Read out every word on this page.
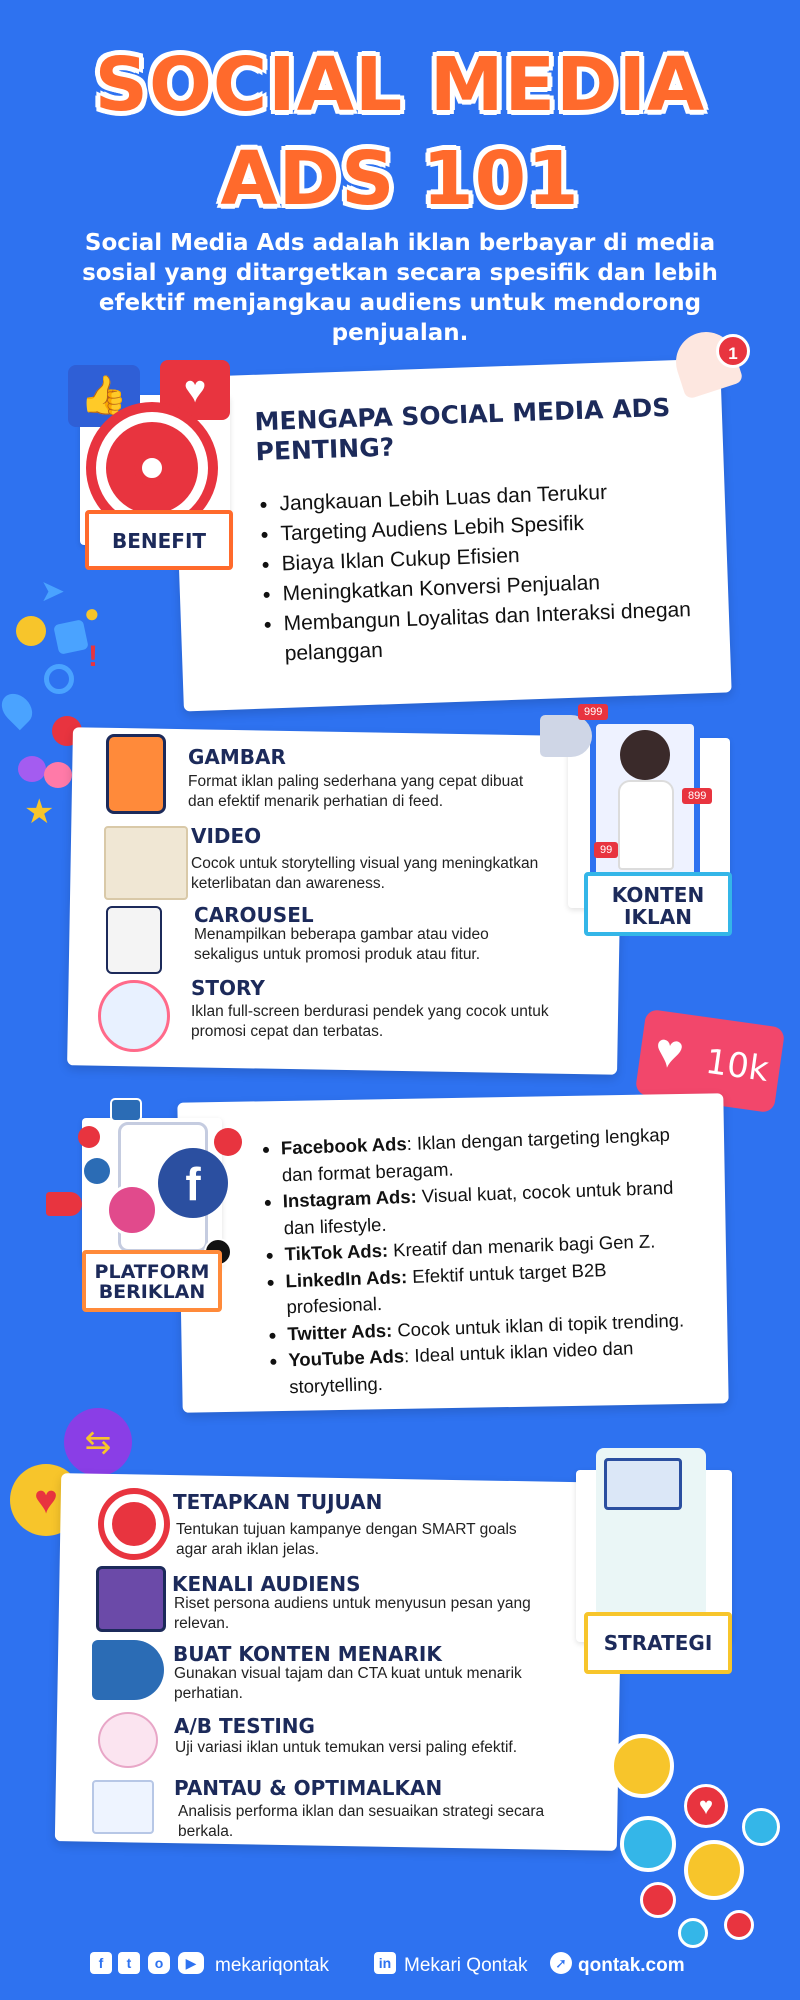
SOCIAL MEDIA
ADS 101
Social Media Ads adalah iklan berbayar di media sosial yang ditargetkan secara spesifik dan lebih efektif menjangkau audiens untuk mendorong penjualan.
👍	♥
BENEFIT
1
MENGAPA SOCIAL MEDIA ADS PENTING?
• Jangkauan Lebih Luas dan Terukur
• Targeting Audiens Lebih Spesifik
• Biaya Iklan Cukup Efisien
• Meningkatkan Konversi Penjualan
• Membangun Loyalitas dan Interaksi dnegan pelanggan
➤
●
!
★
999
899
99
KONTEN
IKLAN
GAMBAR
Format iklan paling sederhana yang cepat dibuat dan efektif menarik perhatian di feed.
VIDEO
Cocok untuk storytelling visual yang meningkatkan keterlibatan dan awareness.
CAROUSEL
Menampilkan beberapa gambar atau video sekaligus untuk promosi produk atau fitur.
STORY
Iklan full-screen berdurasi pendek yang cocok untuk promosi cepat dan terbatas.	♥ 10k
f
PLATFORM
BERIKLAN
• Facebook Ads: Iklan dengan targeting lengkap dan format beragam.
• Instagram Ads: Visual kuat, cocok untuk brand dan lifestyle.
• TikTok Ads: Kreatif dan menarik bagi Gen Z.
• LinkedIn Ads: Efektif untuk target B2B profesional.
• Twitter Ads: Cocok untuk iklan di topik trending.
• YouTube Ads: Ideal untuk iklan video dan storytelling.
⇆
♥
STRATEGI
TETAPKAN TUJUAN
Tentukan tujuan kampanye dengan SMART goals agar arah iklan jelas.
KENALI AUDIENS
Riset persona audiens untuk menyusun pesan yang relevan.
BUAT KONTEN MENARIK
Gunakan visual tajam dan CTA kuat untuk menarik perhatian.
A/B TESTING
Uji variasi iklan untuk temukan versi paling efektif.
PANTAU & OPTIMALKAN
Analisis performa iklan dan sesuaikan strategi secara berkala.
♥
f	t	o	▶ mekariqontak	in Mekari Qontak	➚ qontak.com
